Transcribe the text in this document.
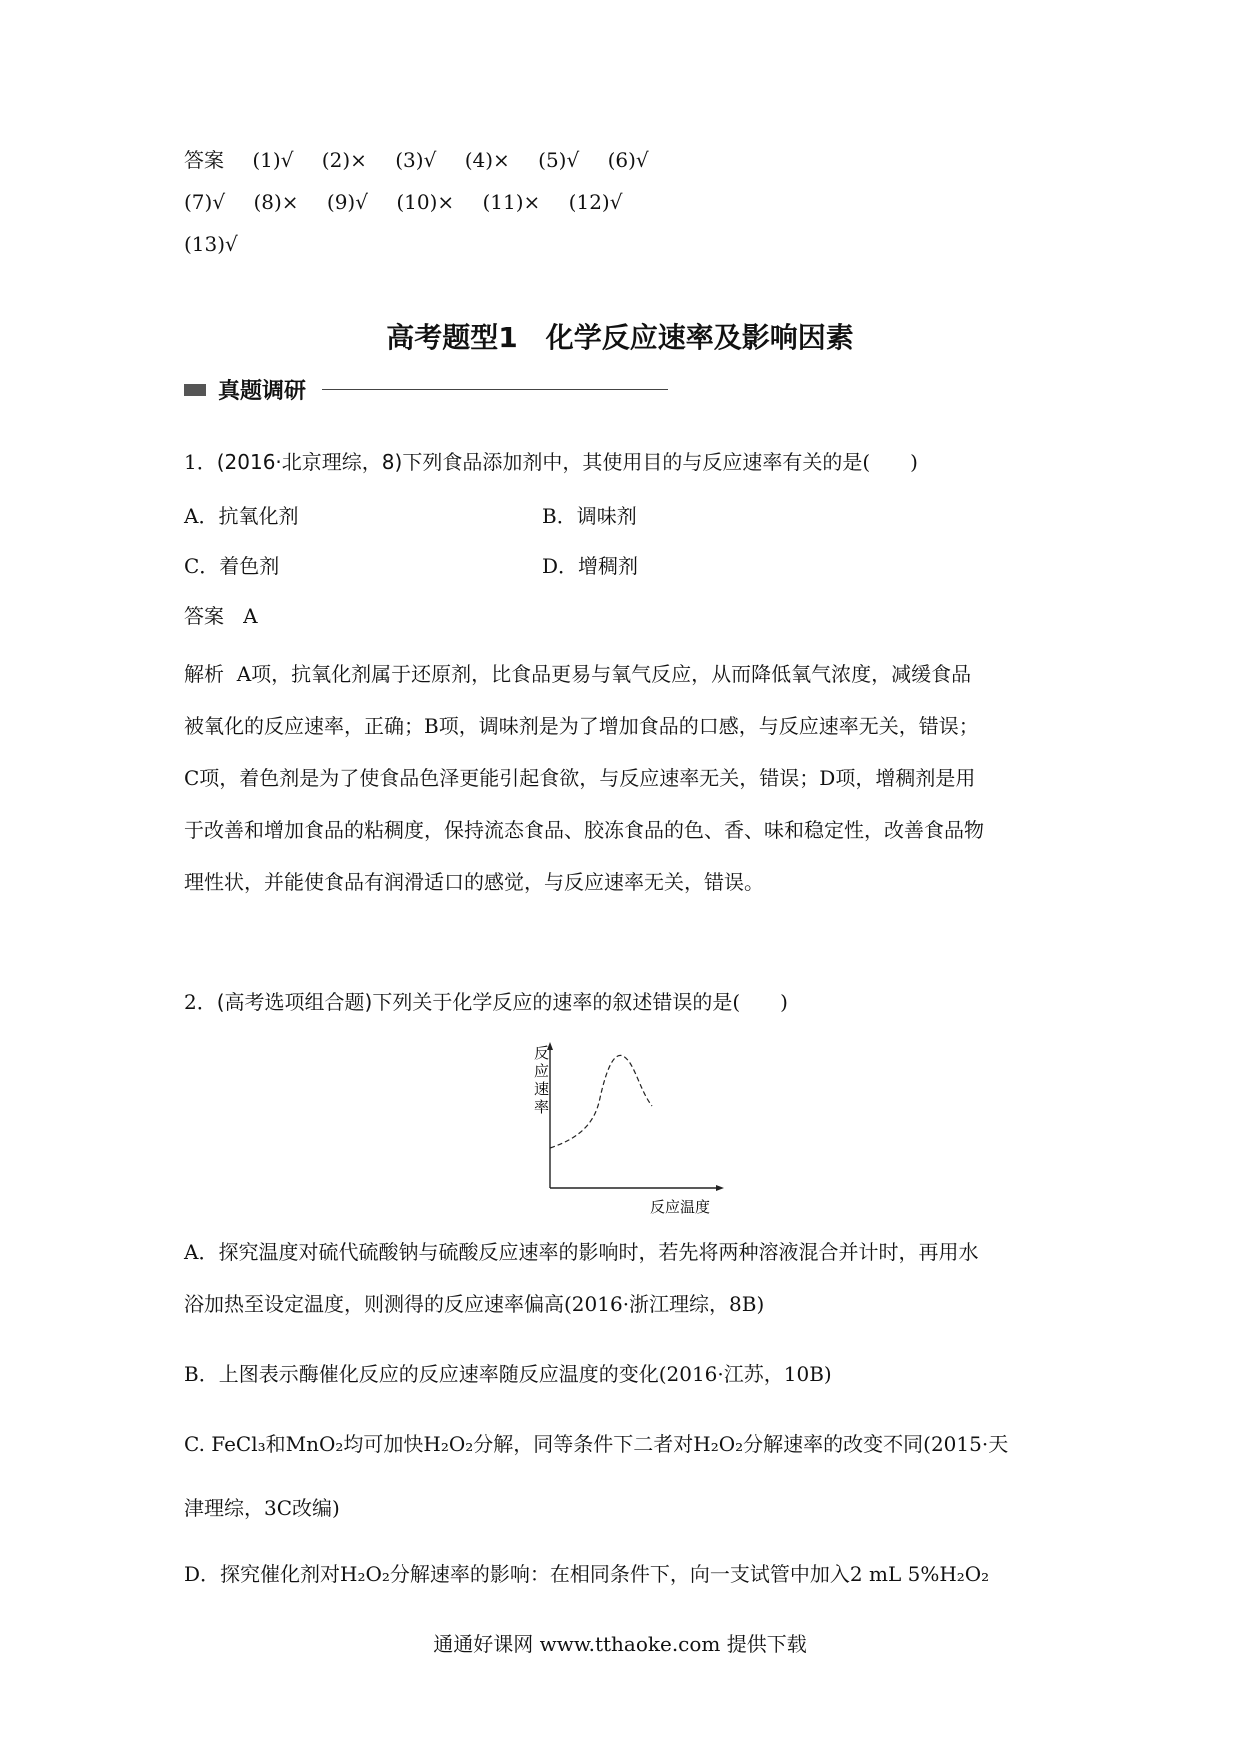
答案 (1)√ (2)× (3)√ (4)× (5)√ (6)√
(7)√ (8)× (9)√ (10)× (11)× (12)√
(13)√
高考题型1　化学反应速率及影响因素
真题调研
1．(2016·北京理综，8)下列食品添加剂中，其使用目的与反应速率有关的是(　　)
A．抗氧化剂	B．调味剂
C．着色剂	D．增稠剂
答案 A
解析 A项，抗氧化剂属于还原剂，比食品更易与氧气反应，从而降低氧气浓度，减缓食品
被氧化的反应速率，正确；B项，调味剂是为了增加食品的口感，与反应速率无关，错误；
C项，着色剂是为了使食品色泽更能引起食欲，与反应速率无关，错误；D项，增稠剂是用
于改善和增加食品的粘稠度，保持流态食品、胶冻食品的色、香、味和稳定性，改善食品物
理性状，并能使食品有润滑适口的感觉，与反应速率无关，错误。
2．(高考选项组合题)下列关于化学反应的速率的叙述错误的是(　　)
反
应
速
率
反应温度
A．探究温度对硫代硫酸钠与硫酸反应速率的影响时，若先将两种溶液混合并计时，再用水
浴加热至设定温度，则测得的反应速率偏高(2016·浙江理综，8B)
B．上图表示酶催化反应的反应速率随反应温度的变化(2016·江苏，10B)
C. FeCl₃和MnO₂均可加快H₂O₂分解，同等条件下二者对H₂O₂分解速率的改变不同(2015·天
津理综，3C改编)
D．探究催化剂对H₂O₂分解速率的影响：在相同条件下，向一支试管中加入2 mL 5%H₂O₂
通通好课网 www.tthaoke.com 提供下载
